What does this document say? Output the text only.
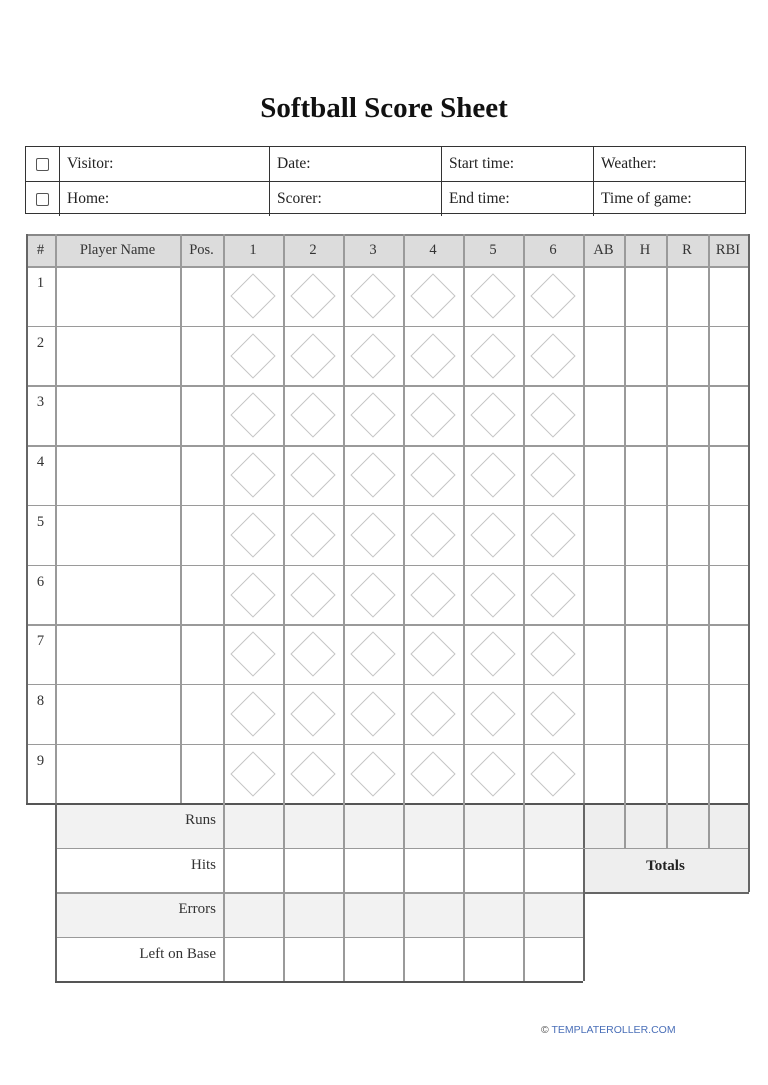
Softball Score Sheet
Visitor:	Date:	Start time:	Weather:
Home:	Scorer:	End time:	Time of game:
#	Player Name	Pos.	1	2	3	4	5	6	AB	H	R	RBI
1
2
3
4
5
6
7
8
9
Runs
Hits
Errors
Left on Base
Totals
© TEMPLATEROLLER.COM
